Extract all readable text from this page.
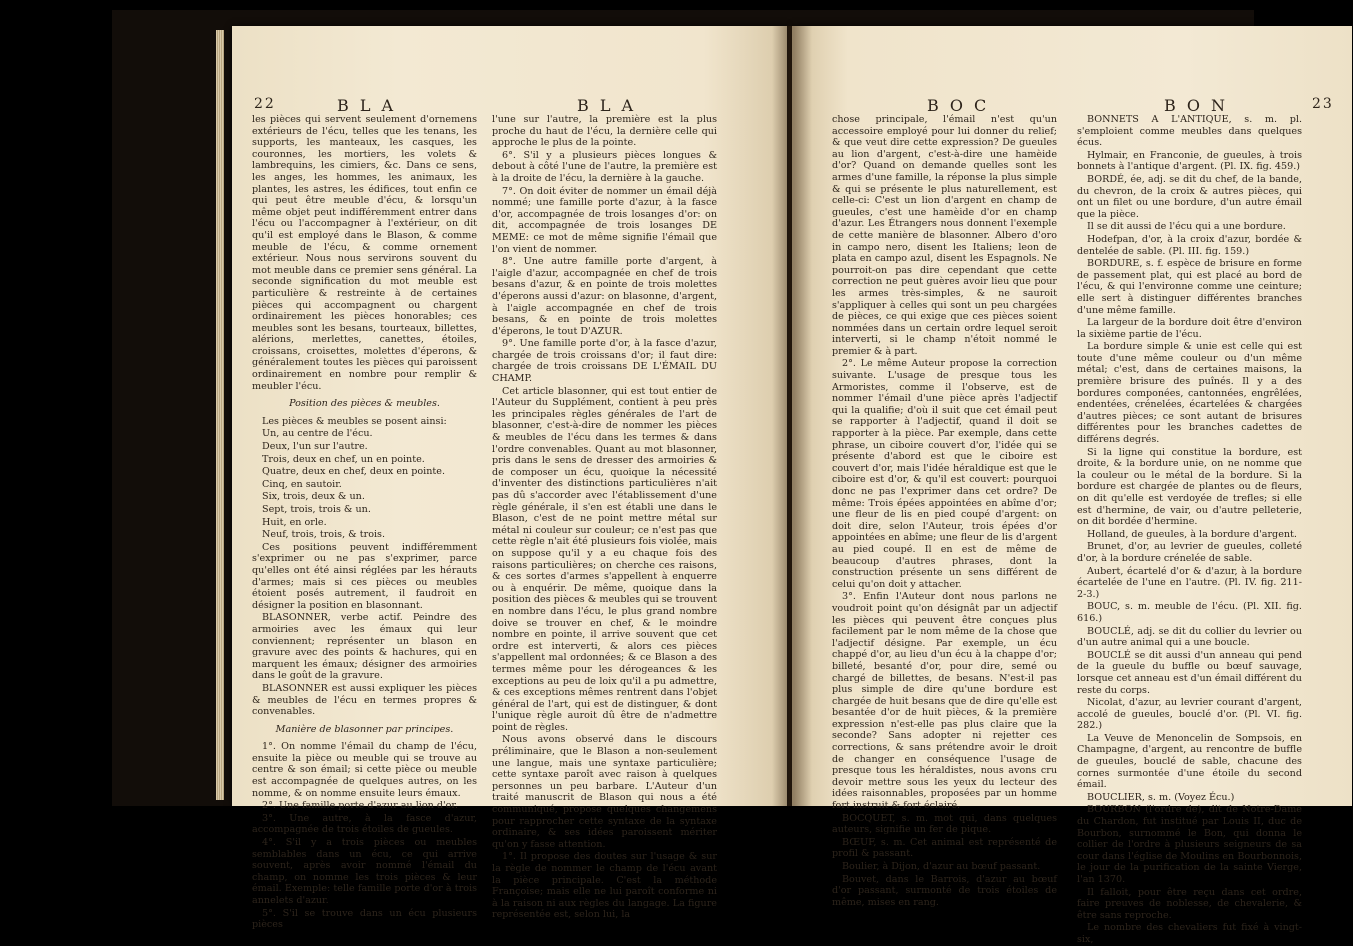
22	B L A	B L A

les pièces qui servent seulement d'ornemens extérieurs de l'écu, telles que les tenans, les supports, les manteaux, les casques, les couronnes, les mortiers, les volets & lambrequins, les cimiers, &c. Dans ce sens, les anges, les hommes, les animaux, les plantes, les astres, les édifices, tout enfin ce qui peut être meuble d'écu, & lorsqu'un même objet peut indifféremment entrer dans l'écu ou l'accompagner à l'extérieur, on dit qu'il est employé dans le Blason, & comme meuble de l'écu, & comme ornement extérieur. Nous nous servirons souvent du mot meuble dans ce premier sens général. La seconde signification du mot meuble est particulière & restreinte à de certaines pièces qui accompagnent ou chargent ordinairement les pièces honorables; ces meubles sont les besans, tourteaux, billettes, alérions, merlettes, canettes, étoiles, croissans, croisettes, molettes d'éperons, & généralement toutes les pièces qui paroissent ordinairement en nombre pour remplir & meubler l'écu.

Position des pièces & meubles.

Les pièces & meubles se posent ainsi:

Un, au centre de l'écu.

Deux, l'un sur l'autre.

Trois, deux en chef, un en pointe.

Quatre, deux en chef, deux en pointe.

Cinq, en sautoir.

Six, trois, deux & un.

Sept, trois, trois & un.

Huit, en orle.

Neuf, trois, trois, & trois.

Ces positions peuvent indifféremment s'exprimer ou ne pas s'exprimer, parce qu'elles ont été ainsi réglées par les hérauts d'armes; mais si ces pièces ou meubles étoient posés autrement, il faudroit en désigner la position en blasonnant.

BLASONNER, verbe actif. Peindre des armoiries avec les émaux qui leur conviennent; représenter un blason en gravure avec des points & hachures, qui en marquent les émaux; désigner des armoiries dans le goût de la gravure.

BLASONNER est aussi expliquer les pièces & meubles de l'écu en termes propres & convenables.

Manière de blasonner par principes.

1°. On nomme l'émail du champ de l'écu, ensuite la pièce ou meuble qui se trouve au centre & son émail; si cette pièce ou meuble est accompagnée de quelques autres, on les nomme, & on nomme ensuite leurs émaux.

2°. Une famille porte d'azur au lion d'or.

3°. Une autre, à la fasce d'azur, accompagnée de trois étoiles de gueules.

4°. S'il y a trois pièces ou meubles semblables dans un écu, ce qui arrive souvent, après avoir nommé l'émail du champ, on nomme les trois pièces & leur émail. Exemple: telle famille porte d'or à trois annelets d'azur.

5°. S'il se trouve dans un écu plusieurs pièces

l'une sur l'autre, la première est la plus proche du haut de l'écu, la dernière celle qui approche le plus de la pointe.

6°. S'il y a plusieurs pièces longues & debout à côté l'une de l'autre, la première est à la droite de l'écu, la dernière à la gauche.

7°. On doit éviter de nommer un émail déjà nommé; une famille porte d'azur, à la fasce d'or, accompagnée de trois losanges d'or: on dit, accompagnée de trois losanges DE MEME: ce mot de même signifie l'émail que l'on vient de nommer.

8°. Une autre famille porte d'argent, à l'aigle d'azur, accompagnée en chef de trois besans d'azur, & en pointe de trois molettes d'éperons aussi d'azur: on blasonne, d'argent, à l'aigle accompagnée en chef de trois besans, & en pointe de trois molettes d'éperons, le tout D'AZUR.

9°. Une famille porte d'or, à la fasce d'azur, chargée de trois croissans d'or; il faut dire: chargée de trois croissans DE L'ÉMAIL DU CHAMP.

Cet article blasonner, qui est tout entier de l'Auteur du Supplément, contient à peu près les principales règles générales de l'art de blasonner, c'est-à-dire de nommer les pièces & meubles de l'écu dans les termes & dans l'ordre convenables. Quant au mot blasonner, pris dans le sens de dresser des armoiries & de composer un écu, quoique la nécessité d'inventer des distinctions particulières n'ait pas dû s'accorder avec l'établissement d'une règle générale, il s'en est établi une dans le Blason, c'est de ne point mettre métal sur métal ni couleur sur couleur; ce n'est pas que cette règle n'ait été plusieurs fois violée, mais on suppose qu'il y a eu chaque fois des raisons particulières; on cherche ces raisons, & ces sortes d'armes s'appellent à enquerre ou à enquérir. De même, quoique dans la position des pièces & meubles qui se trouvent en nombre dans l'écu, le plus grand nombre doive se trouver en chef, & le moindre nombre en pointe, il arrive souvent que cet ordre est interverti, & alors ces pièces s'appellent mal ordonnées; & ce Blason a des termes même pour les dérogeances & les exceptions au peu de loix qu'il a pu admettre, & ces exceptions mêmes rentrent dans l'objet général de l'art, qui est de distinguer, & dont l'unique règle auroit dû être de n'admettre point de règles.

Nous avons observé dans le discours préliminaire, que le Blason a non-seulement une langue, mais une syntaxe particulière; cette syntaxe paroît avec raison à quelques personnes un peu barbare. L'Auteur d'un traité manuscrit de Blason qui nous a été communiqué, propose quelques changemens pour rapprocher cette syntaxe de la syntaxe ordinaire, & ses idées paroissent mériter qu'on y fasse attention.

1°. Il propose des doutes sur l'usage & sur la règle de nommer le champ de l'écu avant la pièce principale. C'est la méthode Françoise; mais elle ne lui paroît conforme ni à la raison ni aux règles du langage. La figure représentée est, selon lui, la

B O C	B O N	23

chose principale, l'émail n'est qu'un accessoire employé pour lui donner du relief; & que veut dire cette expression? De gueules au lion d'argent, c'est-à-dire une hamèide d'or? Quand on demande quelles sont les armes d'une famille, la réponse la plus simple & qui se présente le plus naturellement, est celle-ci: C'est un lion d'argent en champ de gueules, c'est une hamèide d'or en champ d'azur. Les Étrangers nous donnent l'exemple de cette manière de blasonner. Albero d'oro in campo nero, disent les Italiens; leon de plata en campo azul, disent les Espagnols. Ne pourroit-on pas dire cependant que cette correction ne peut guères avoir lieu que pour les armes très-simples, & ne sauroit s'appliquer à celles qui sont un peu chargées de pièces, ce qui exige que ces pièces soient nommées dans un certain ordre lequel seroit interverti, si le champ n'étoit nommé le premier & à part.

2°. Le même Auteur propose la correction suivante. L'usage de presque tous les Armoristes, comme il l'observe, est de nommer l'émail d'une pièce après l'adjectif qui la qualifie; d'où il suit que cet émail peut se rapporter à l'adjectif, quand il doit se rapporter à la pièce. Par exemple, dans cette phrase, un ciboire couvert d'or, l'idée qui se présente d'abord est que le ciboire est couvert d'or, mais l'idée héraldique est que le ciboire est d'or, & qu'il est couvert: pourquoi donc ne pas l'exprimer dans cet ordre? De même: Trois épées appointées en abîme d'or; une fleur de lis en pied coupé d'argent: on doit dire, selon l'Auteur, trois épées d'or appointées en abîme; une fleur de lis d'argent au pied coupé. Il en est de même de beaucoup d'autres phrases, dont la construction présente un sens différent de celui qu'on doit y attacher.

3°. Enfin l'Auteur dont nous parlons ne voudroit point qu'on désignât par un adjectif les pièces qui peuvent être conçues plus facilement par le nom même de la chose que l'adjectif désigne. Par exemple, un écu chappé d'or, au lieu d'un écu à la chappe d'or; billeté, besanté d'or, pour dire, semé ou chargé de billettes, de besans. N'est-il pas plus simple de dire qu'une bordure est chargée de huit besans que de dire qu'elle est besantée d'or de huit pièces, & la première expression n'est-elle pas plus claire que la seconde? Sans adopter ni rejetter ces corrections, & sans prétendre avoir le droit de changer en conséquence l'usage de presque tous les héraldistes, nous avons cru devoir mettre sous les yeux du lecteur des idées raisonnables, proposées par un homme fort instruit & fort éclairé.

BOCQUET, s. m. mot qui, dans quelques auteurs, signifie un fer de pique.

BŒUF, s. m. Cet animal est représenté de profil & passant.

Boulier, à Dijon, d'azur au bœuf passant.

Bouvet, dans le Barrois, d'azur au bœuf d'or passant, surmonté de trois étoiles de même, mises en rang.

BONNETS A L'ANTIQUE, s. m. pl. s'emploient comme meubles dans quelques écus.

Hylmair, en Franconie, de gueules, à trois bonnets à l'antique d'argent. (Pl. IX. fig. 459.)

BORDÉ, ée, adj. se dit du chef, de la bande, du chevron, de la croix & autres pièces, qui ont un filet ou une bordure, d'un autre émail que la pièce.

Il se dit aussi de l'écu qui a une bordure.

Hodefpan, d'or, à la croix d'azur, bordée & dentelée de sable. (Pl. III. fig. 159.)

BORDURE, s. f. espèce de brisure en forme de passement plat, qui est placé au bord de l'écu, & qui l'environne comme une ceinture; elle sert à distinguer différentes branches d'une même famille.

La largeur de la bordure doit être d'environ la sixième partie de l'écu.

La bordure simple & unie est celle qui est toute d'une même couleur ou d'un même métal; c'est, dans de certaines maisons, la première brisure des puînés. Il y a des bordures componées, cantonnées, engrêlées, endentées, crénelées, écartelées & chargées d'autres pièces; ce sont autant de brisures différentes pour les branches cadettes de différens degrés.

Si la ligne qui constitue la bordure, est droite, & la bordure unie, on ne nomme que la couleur ou le métal de la bordure. Si la bordure est chargée de plantes ou de fleurs, on dit qu'elle est verdoyée de trefles; si elle est d'hermine, de vair, ou d'autre pelleterie, on dit bordée d'hermine.

Holland, de gueules, à la bordure d'argent.

Brunet, d'or, au levrier de gueules, colleté d'or, à la bordure crénelée de sable.

Aubert, écartelé d'or & d'azur, à la bordure écartelée de l'une en l'autre. (Pl. IV. fig. 211-2-3.)

BOUC, s. m. meuble de l'écu. (Pl. XII. fig. 616.)

BOUCLÉ, adj. se dit du collier du levrier ou d'un autre animal qui a une boucle.

BOUCLÉ se dit aussi d'un anneau qui pend de la gueule du buffle ou bœuf sauvage, lorsque cet anneau est d'un émail différent du reste du corps.

Nicolat, d'azur, au levrier courant d'argent, accolé de gueules, bouclé d'or. (Pl. VI. fig. 282.)

La Veuve de Menoncelin de Sompsois, en Champagne, d'argent, au rencontre de buffle de gueules, bouclé de sable, chacune des cornes surmontée d'une étoile du second émail.

BOUCLIER, s. m. (Voyez Écu.)

BOURBON (l'ordre de), dit de Notre-Dame du Chardon, fut institué par Louis II, duc de Bourbon, surnommé le Bon, qui donna le collier de l'ordre à plusieurs seigneurs de sa cour dans l'église de Moulins en Bourbonnois, le jour de la purification de la sainte Vierge, l'an 1370.

Il falloit, pour être reçu dans cet ordre, faire preuves de noblesse, de chevalerie, & être sans reproche.

Le nombre des chevaliers fut fixé à vingt-six,
